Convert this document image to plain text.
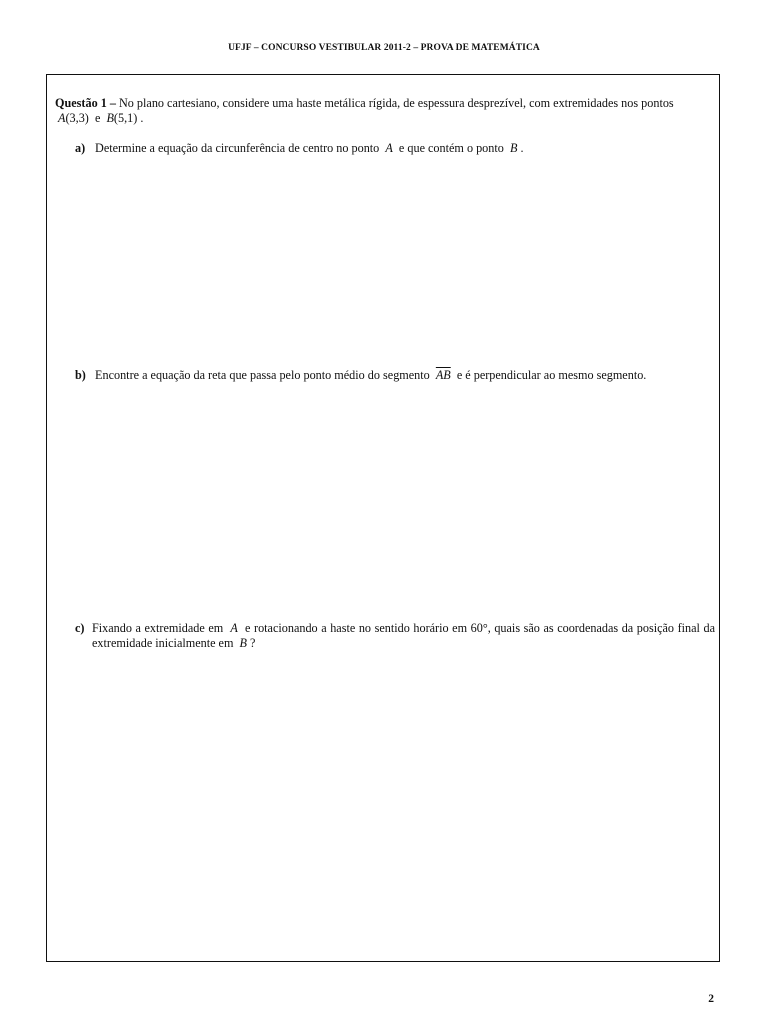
UFJF – CONCURSO VESTIBULAR 2011-2 – PROVA DE MATEMÁTICA
Questão 1 – No plano cartesiano, considere uma haste metálica rígida, de espessura desprezível, com extremidades nos pontos
A(3,3) e B(5,1) .
a) Determine a equação da circunferência de centro no ponto A e que contém o ponto B .
b) Encontre a equação da reta que passa pelo ponto médio do segmento $\overline{AB}$ e é perpendicular ao mesmo segmento.
c) Fixando a extremidade em A e rotacionando a haste no sentido horário em 60°, quais são as coordenadas da posição final da extremidade inicialmente em B ?
2
